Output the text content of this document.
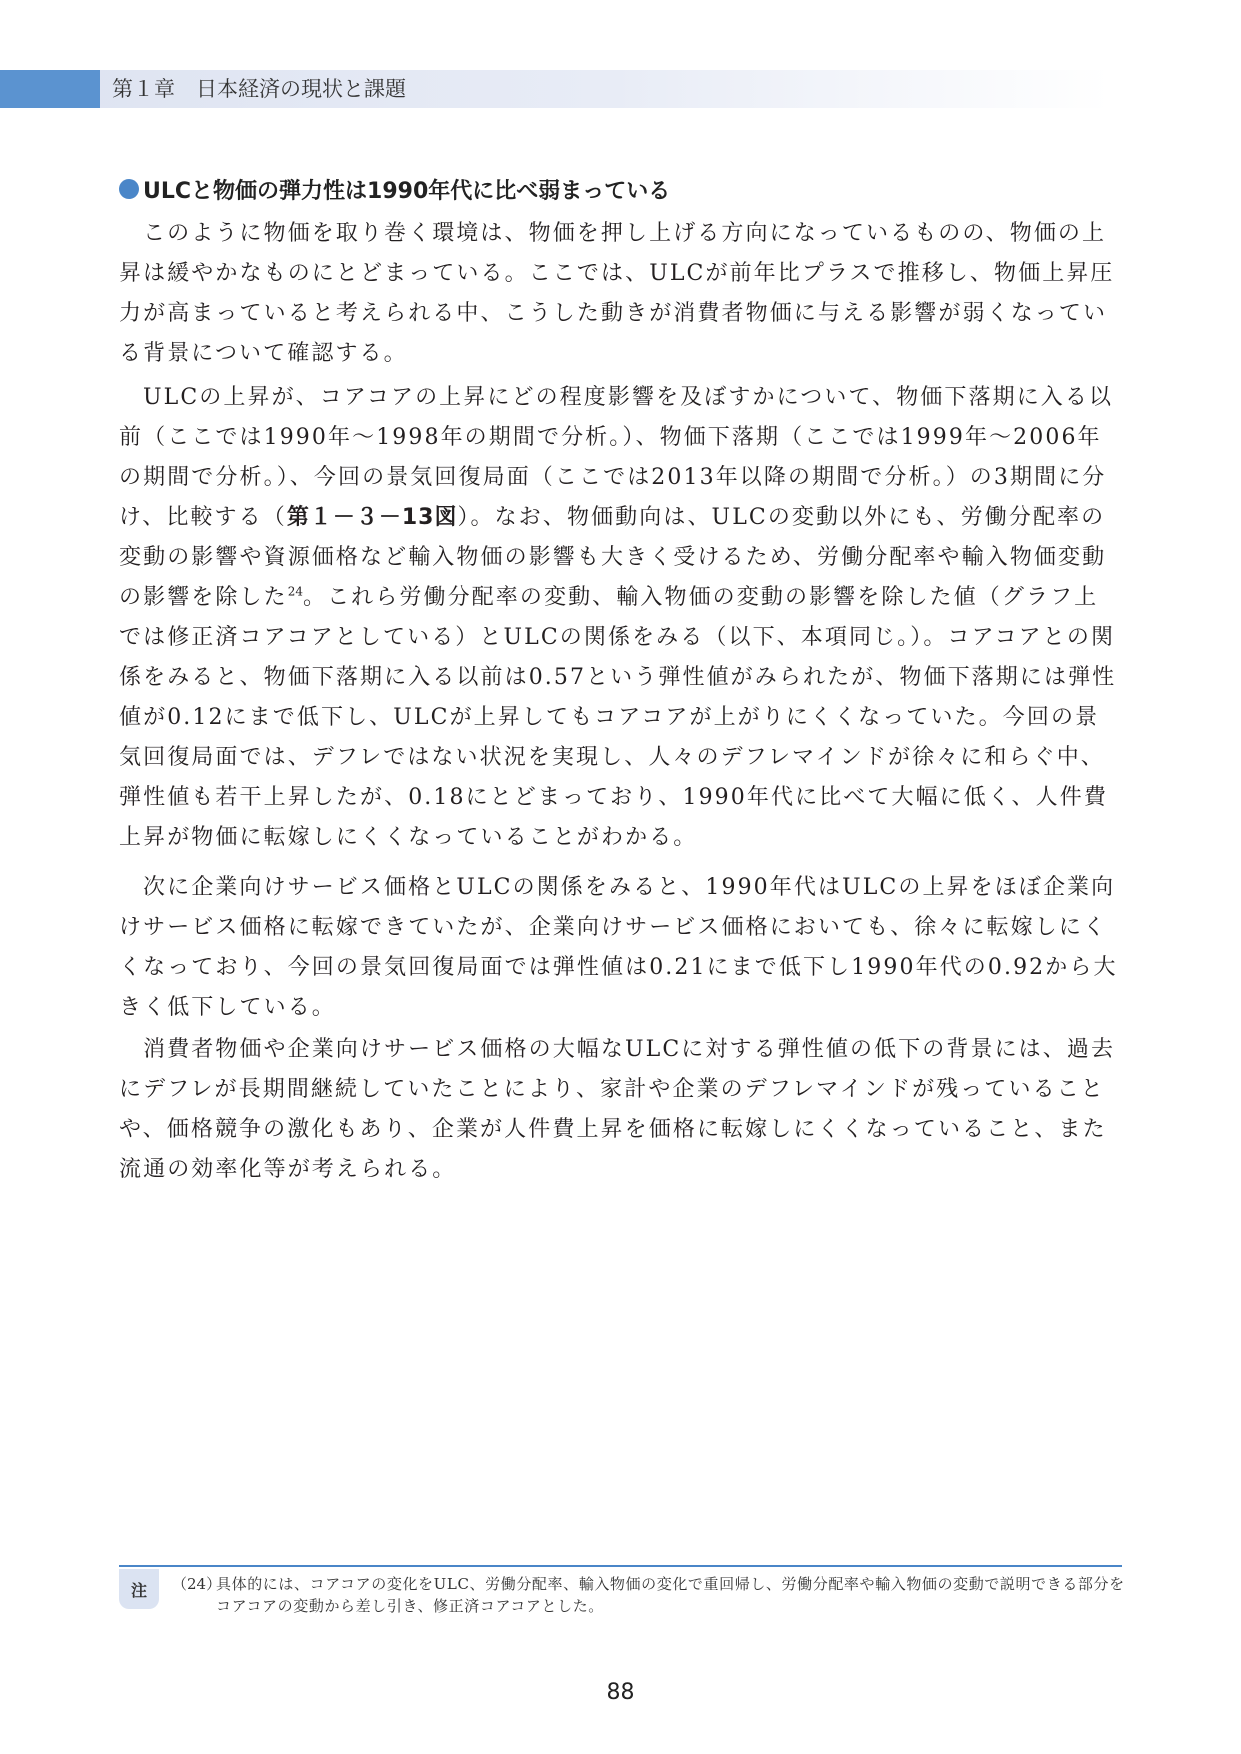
第１章　日本経済の現状と課題
ULCと物価の弾力性は1990年代に比べ弱まっている

このように物価を取り巻く環境は、物価を押し上げる方向になっているものの、物価の上昇は緩やかなものにとどまっている。ここでは、ULCが前年比プラスで推移し、物価上昇圧力が高まっていると考えられる中、こうした動きが消費者物価に与える影響が弱くなっている背景について確認する。

ULCの上昇が、コアコアの上昇にどの程度影響を及ぼすかについて、物価下落期に入る以前（ここでは1990年～1998年の期間で分析。）、物価下落期（ここでは1999年～2006年の期間で分析。）、今回の景気回復局面（ここでは2013年以降の期間で分析。）の3期間に分け、比較する（第１－３－13図）。なお、物価動向は、ULCの変動以外にも、労働分配率の変動の影響や資源価格など輸入物価の影響も大きく受けるため、労働分配率や輸入物価変動の影響を除した$^{24}$。これら労働分配率の変動、輸入物価の変動の影響を除した値（グラフ上では修正済コアコアとしている）とULCの関係をみる（以下、本項同じ。）。コアコアとの関係をみると、物価下落期に入る以前は0.57という弾性値がみられたが、物価下落期には弾性値が0.12にまで低下し、ULCが上昇してもコアコアが上がりにくくなっていた。今回の景気回復局面では、デフレではない状況を実現し、人々のデフレマインドが徐々に和らぐ中、弾性値も若干上昇したが、0.18にとどまっており、1990年代に比べて大幅に低く、人件費上昇が物価に転嫁しにくくなっていることがわかる。

次に企業向けサービス価格とULCの関係をみると、1990年代はULCの上昇をほぼ企業向けサービス価格に転嫁できていたが、企業向けサービス価格においても、徐々に転嫁しにくくなっており、今回の景気回復局面では弾性値は0.21にまで低下し1990年代の0.92から大きく低下している。

消費者物価や企業向けサービス価格の大幅なULCに対する弾性値の低下の背景には、過去にデフレが長期間継続していたことにより、家計や企業のデフレマインドが残っていることや、価格競争の激化もあり、企業が人件費上昇を価格に転嫁しにくくなっていること、また流通の効率化等が考えられる。

注	（24）

具体的には、コアコアの変化をULC、労働分配率、輸入物価の変化で重回帰し、労働分配率や輸入物価の変動で説明できる部分をコアコアの変動から差し引き、修正済コアコアとした。

88
